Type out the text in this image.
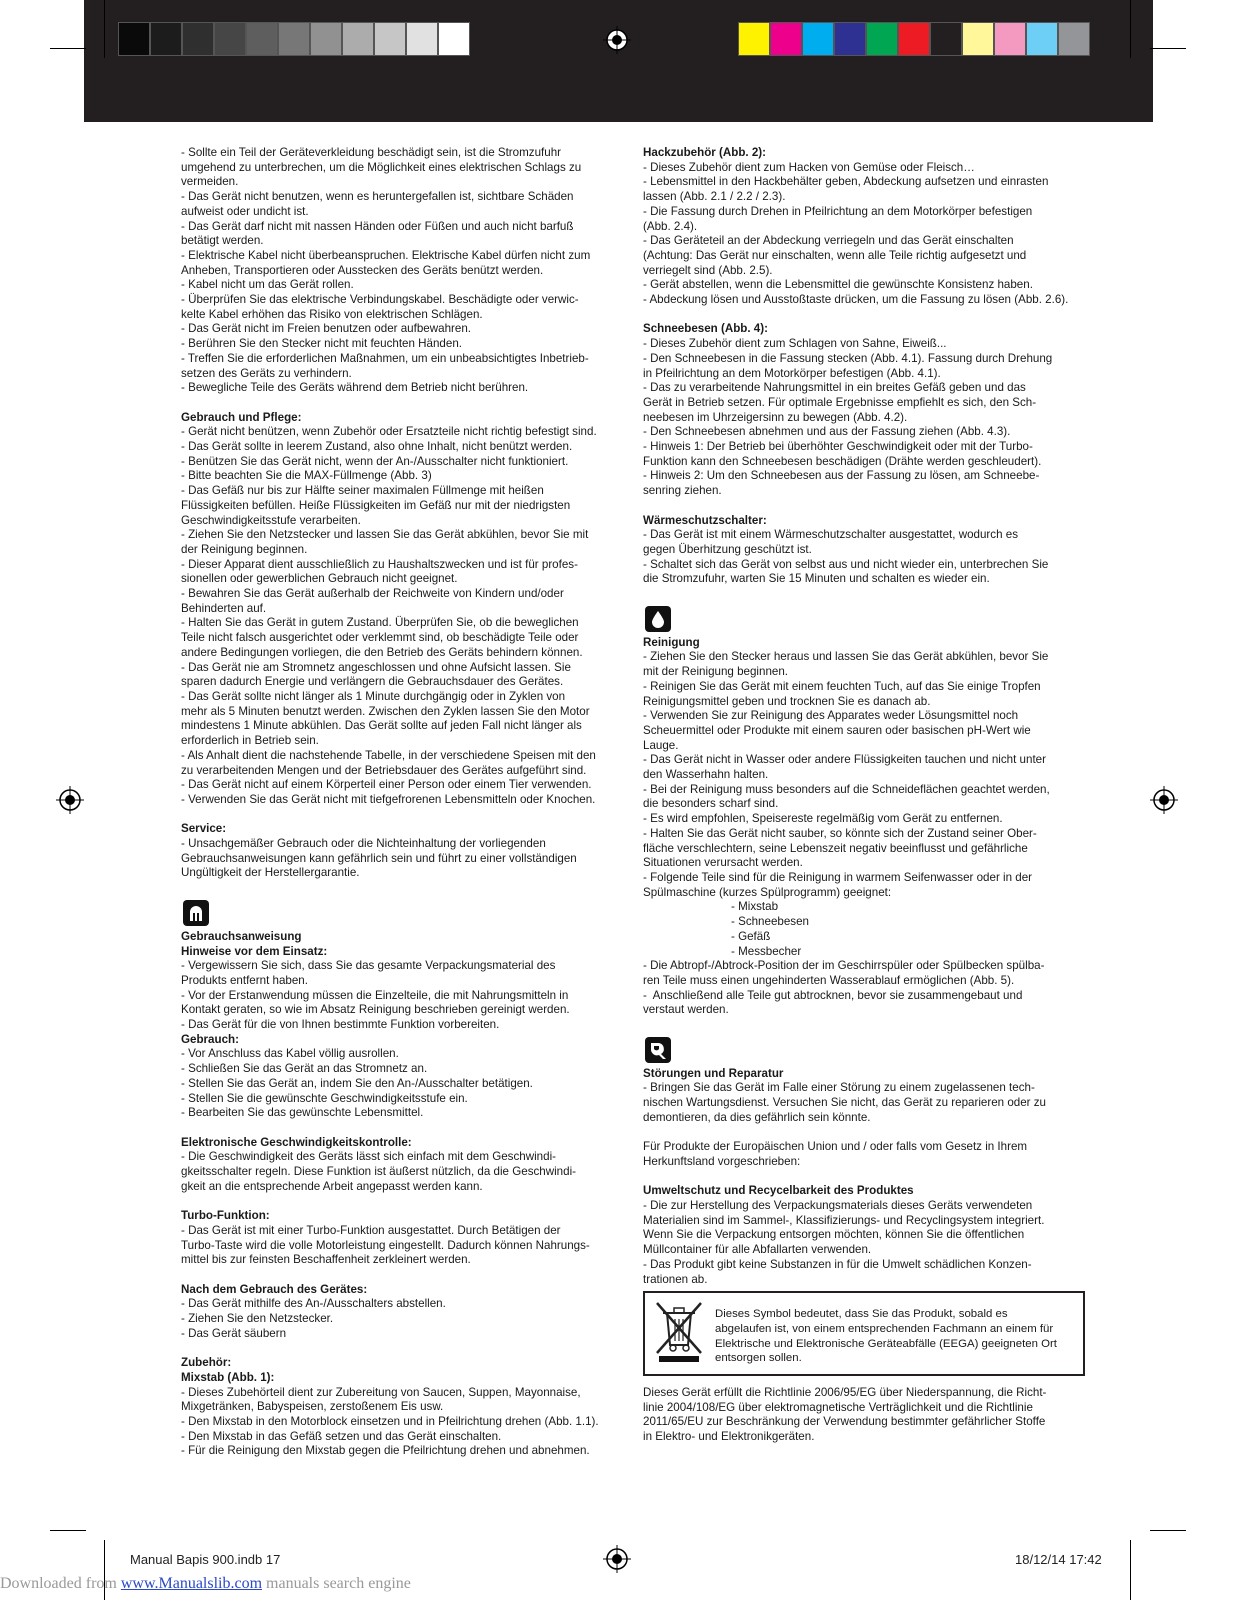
- Sollte ein Teil der Geräteverkleidung beschädigt sein, ist die Stromzufuhr

umgehend zu unterbrechen, um die Möglichkeit eines elektrischen Schlags zu

vermeiden.

- Das Gerät nicht benutzen, wenn es heruntergefallen ist, sichtbare Schäden

aufweist oder undicht ist.

- Das Gerät darf nicht mit nassen Händen oder Füßen und auch nicht barfuß

betätigt werden.

- Elektrische Kabel nicht überbeanspruchen. Elektrische Kabel dürfen nicht zum

Anheben, Transportieren oder Ausstecken des Geräts benützt werden.

- Kabel nicht um das Gerät rollen.

- Überprüfen Sie das elektrische Verbindungskabel. Beschädigte oder verwic-

kelte Kabel erhöhen das Risiko von elektrischen Schlägen.

- Das Gerät nicht im Freien benutzen oder aufbewahren.

- Berühren Sie den Stecker nicht mit feuchten Händen.

- Treffen Sie die erforderlichen Maßnahmen, um ein unbeabsichtigtes Inbetrieb-

setzen des Geräts zu verhindern.

- Bewegliche Teile des Geräts während dem Betrieb nicht berühren.

Gebrauch und Pflege:

- Gerät nicht benützen, wenn Zubehör oder Ersatzteile nicht richtig befestigt sind.

- Das Gerät sollte in leerem Zustand, also ohne Inhalt, nicht benützt werden.

- Benützen Sie das Gerät nicht, wenn der An-/Ausschalter nicht funktioniert.

- Bitte beachten Sie die MAX-Füllmenge (Abb. 3)

- Das Gefäß nur bis zur Hälfte seiner maximalen Füllmenge mit heißen

Flüssigkeiten befüllen. Heiße Flüssigkeiten im Gefäß nur mit der niedrigsten

Geschwindigkeitsstufe verarbeiten.

- Ziehen Sie den Netzstecker und lassen Sie das Gerät abkühlen, bevor Sie mit

der Reinigung beginnen.

- Dieser Apparat dient ausschließlich zu Haushaltszwecken und ist für profes-

sionellen oder gewerblichen Gebrauch nicht geeignet.

- Bewahren Sie das Gerät außerhalb der Reichweite von Kindern und/oder

Behinderten auf.

- Halten Sie das Gerät in gutem Zustand. Überprüfen Sie, ob die beweglichen

Teile nicht falsch ausgerichtet oder verklemmt sind, ob beschädigte Teile oder

andere Bedingungen vorliegen, die den Betrieb des Geräts behindern können.

- Das Gerät nie am Stromnetz angeschlossen und ohne Aufsicht lassen. Sie

sparen dadurch Energie und verlängern die Gebrauchsdauer des Gerätes.

- Das Gerät sollte nicht länger als 1 Minute durchgängig oder in Zyklen von

mehr als 5 Minuten benutzt werden. Zwischen den Zyklen lassen Sie den Motor

mindestens 1 Minute abkühlen. Das Gerät sollte auf jeden Fall nicht länger als

erforderlich in Betrieb sein.

- Als Anhalt dient die nachstehende Tabelle, in der verschiedene Speisen mit den

zu verarbeitenden Mengen und der Betriebsdauer des Gerätes aufgeführt sind.

- Das Gerät nicht auf einem Körperteil einer Person oder einem Tier verwenden.

- Verwenden Sie das Gerät nicht mit tiefgefrorenen Lebensmitteln oder Knochen.

Service:

- Unsachgemäßer Gebrauch oder die Nichteinhaltung der vorliegenden

Gebrauchsanweisungen kann gefährlich sein und führt zu einer vollständigen

Ungültigkeit der Herstellergarantie.

Gebrauchsanweisung

Hinweise vor dem Einsatz:

- Vergewissern Sie sich, dass Sie das gesamte Verpackungsmaterial des

Produkts entfernt haben.

- Vor der Erstanwendung müssen die Einzelteile, die mit Nahrungsmitteln in

Kontakt geraten, so wie im Absatz Reinigung beschrieben gereinigt werden.

- Das Gerät für die von Ihnen bestimmte Funktion vorbereiten.

Gebrauch:

- Vor Anschluss das Kabel völlig ausrollen.

- Schließen Sie das Gerät an das Stromnetz an.

- Stellen Sie das Gerät an, indem Sie den An-/Ausschalter betätigen.

- Stellen Sie die gewünschte Geschwindigkeitsstufe ein.

- Bearbeiten Sie das gewünschte Lebensmittel.

Elektronische Geschwindigkeitskontrolle:

- Die Geschwindigkeit des Geräts lässt sich einfach mit dem Geschwindi-

gkeitsschalter regeln. Diese Funktion ist äußerst nützlich, da die Geschwindi-

gkeit an die entsprechende Arbeit angepasst werden kann.

Turbo-Funktion:

- Das Gerät ist mit einer Turbo-Funktion ausgestattet. Durch Betätigen der

Turbo-Taste wird die volle Motorleistung eingestellt. Dadurch können Nahrungs-

mittel bis zur feinsten Beschaffenheit zerkleinert werden.

Nach dem Gebrauch des Gerätes:

- Das Gerät mithilfe des An-/Ausschalters abstellen.

- Ziehen Sie den Netzstecker.

- Das Gerät säubern

Zubehör:

Mixstab (Abb. 1):

- Dieses Zubehörteil dient zur Zubereitung von Saucen, Suppen, Mayonnaise,

Mixgetränken, Babyspeisen, zerstoßenem Eis usw.

- Den Mixstab in den Motorblock einsetzen und in Pfeilrichtung drehen (Abb. 1.1).

- Den Mixstab in das Gefäß setzen und das Gerät einschalten.

- Für die Reinigung den Mixstab gegen die Pfeilrichtung drehen und abnehmen.

Hackzubehör (Abb. 2):

- Dieses Zubehör dient zum Hacken von Gemüse oder Fleisch…

- Lebensmittel in den Hackbehälter geben, Abdeckung aufsetzen und einrasten

lassen (Abb. 2.1 / 2.2 / 2.3).

- Die Fassung durch Drehen in Pfeilrichtung an dem Motorkörper befestigen

(Abb. 2.4).

- Das Geräteteil an der Abdeckung verriegeln und das Gerät einschalten

(Achtung: Das Gerät nur einschalten, wenn alle Teile richtig aufgesetzt und

verriegelt sind (Abb. 2.5).

- Gerät abstellen, wenn die Lebensmittel die gewünschte Konsistenz haben.

- Abdeckung lösen und Ausstoßtaste drücken, um die Fassung zu lösen (Abb. 2.6).

Schneebesen (Abb. 4):

- Dieses Zubehör dient zum Schlagen von Sahne, Eiweiß...

- Den Schneebesen in die Fassung stecken (Abb. 4.1). Fassung durch Drehung

in Pfeilrichtung an dem Motorkörper befestigen (Abb. 4.1).

- Das zu verarbeitende Nahrungsmittel in ein breites Gefäß geben und das

Gerät in Betrieb setzen. Für optimale Ergebnisse empfiehlt es sich, den Sch-

neebesen im Uhrzeigersinn zu bewegen (Abb. 4.2).

- Den Schneebesen abnehmen und aus der Fassung ziehen (Abb. 4.3).

- Hinweis 1: Der Betrieb bei überhöhter Geschwindigkeit oder mit der Turbo-

Funktion kann den Schneebesen beschädigen (Drähte werden geschleudert).

- Hinweis 2: Um den Schneebesen aus der Fassung zu lösen, am Schneebe-

senring ziehen.

Wärmeschutzschalter:

- Das Gerät ist mit einem Wärmeschutzschalter ausgestattet, wodurch es

gegen Überhitzung geschützt ist.

- Schaltet sich das Gerät von selbst aus und nicht wieder ein, unterbrechen Sie

die Stromzufuhr, warten Sie 15 Minuten und schalten es wieder ein.

Reinigung

- Ziehen Sie den Stecker heraus und lassen Sie das Gerät abkühlen, bevor Sie

mit der Reinigung beginnen.

- Reinigen Sie das Gerät mit einem feuchten Tuch, auf das Sie einige Tropfen

Reinigungsmittel geben und trocknen Sie es danach ab.

- Verwenden Sie zur Reinigung des Apparates weder Lösungsmittel noch

Scheuermittel oder Produkte mit einem sauren oder basischen pH-Wert wie

Lauge.

- Das Gerät nicht in Wasser oder andere Flüssigkeiten tauchen und nicht unter

den Wasserhahn halten.

- Bei der Reinigung muss besonders auf die Schneideflächen geachtet werden,

die besonders scharf sind.

- Es wird empfohlen, Speisereste regelmäßig vom Gerät zu entfernen.

- Halten Sie das Gerät nicht sauber, so könnte sich der Zustand seiner Ober-

fläche verschlechtern, seine Lebenszeit negativ beeinflusst und gefährliche

Situationen verursacht werden.

- Folgende Teile sind für die Reinigung in warmem Seifenwasser oder in der

Spülmaschine (kurzes Spülprogramm) geeignet:

- Mixstab

- Schneebesen

- Gefäß

- Messbecher

- Die Abtropf-/Abtrock-Position der im Geschirrspüler oder Spülbecken spülba-

ren Teile muss einen ungehinderten Wasserablauf ermöglichen (Abb. 5).

-  Anschließend alle Teile gut abtrocknen, bevor sie zusammengebaut und

verstaut werden.

Störungen und Reparatur

- Bringen Sie das Gerät im Falle einer Störung zu einem zugelassenen tech-

nischen Wartungsdienst. Versuchen Sie nicht, das Gerät zu reparieren oder zu

demontieren, da dies gefährlich sein könnte.

Für Produkte der Europäischen Union und / oder falls vom Gesetz in Ihrem

Herkunftsland vorgeschrieben:

Umweltschutz und Recycelbarkeit des Produktes

- Die zur Herstellung des Verpackungsmaterials dieses Geräts verwendeten

Materialien sind im Sammel-, Klassifizierungs- und Recyclingsystem integriert.

Wenn Sie die Verpackung entsorgen möchten, können Sie die öffentlichen

Müllcontainer für alle Abfallarten verwenden.

- Das Produkt gibt keine Substanzen in für die Umwelt schädlichen Konzen-

trationen ab.

Dieses Symbol bedeutet, dass Sie das Produkt, sobald es
abgelaufen ist, von einem entsprechenden Fachmann an einem für
Elektrische und Elektronische Geräteabfälle (EEGA) geeigneten Ort
entsorgen sollen.

Dieses Gerät erfüllt die Richtlinie 2006/95/EG über Niederspannung, die Richt-

linie 2004/108/EG über elektromagnetische Verträglichkeit und die Richtlinie

2011/65/EU zur Beschränkung der Verwendung bestimmter gefährlicher Stoffe

in Elektro- und Elektronikgeräten.

Manual Bapis 900.indb 17	18/12/14 17:42
Downloaded from www.Manualslib.com manuals search engine
